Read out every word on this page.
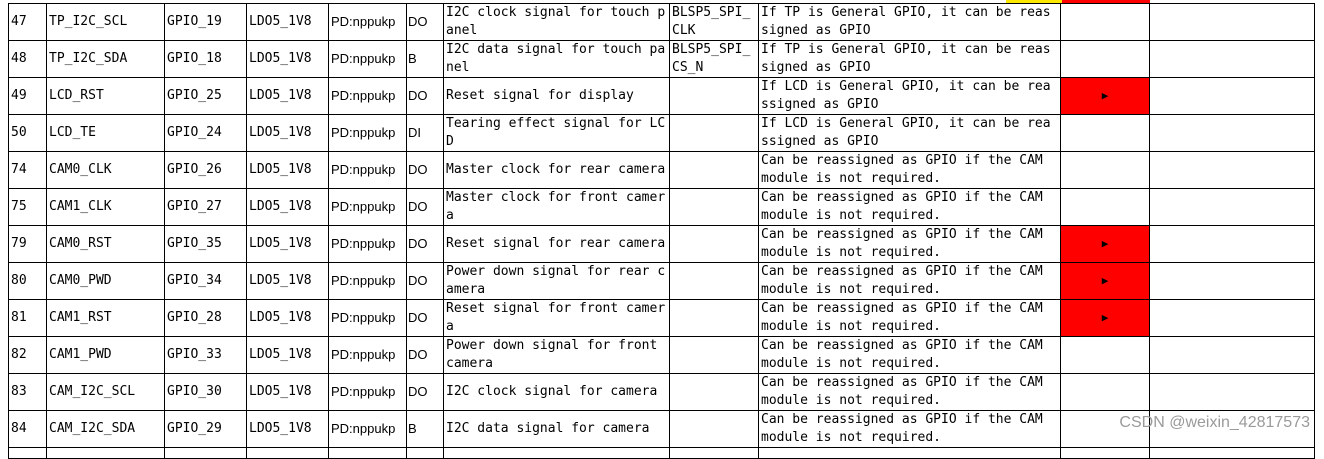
47	TP_I2C_SCL	GPIO_19	LDO5_1V8	PD:nppukp	DO	I2C clock signal for touch panel	BLSP5_SPI_CLK	If TP is General GPIO, it can be reassigned as GPIO		
48	TP_I2C_SDA	GPIO_18	LDO5_1V8	PD:nppukp	B	I2C data signal for touch panel	BLSP5_SPI_CS_N	If TP is General GPIO, it can be reassigned as GPIO		
49	LCD_RST	GPIO_25	LDO5_1V8	PD:nppukp	DO	Reset signal for display		If LCD is General GPIO, it can be reassigned as GPIO	▶	
50	LCD_TE	GPIO_24	LDO5_1V8	PD:nppukp	DI	Tearing effect signal for LCD		If LCD is General GPIO, it can be reassigned as GPIO		
74	CAM0_CLK	GPIO_26	LDO5_1V8	PD:nppukp	DO	Master clock for rear camera		Can be reassigned as GPIO if the CAM module is not required.		
75	CAM1_CLK	GPIO_27	LDO5_1V8	PD:nppukp	DO	Master clock for front camera		Can be reassigned as GPIO if the CAM module is not required.		
79	CAM0_RST	GPIO_35	LDO5_1V8	PD:nppukp	DO	Reset signal for rear camera		Can be reassigned as GPIO if the CAM module is not required.	▶	
80	CAM0_PWD	GPIO_34	LDO5_1V8	PD:nppukp	DO	Power down signal for rear camera		Can be reassigned as GPIO if the CAM module is not required.	▶	
81	CAM1_RST	GPIO_28	LDO5_1V8	PD:nppukp	DO	Reset signal for front camera		Can be reassigned as GPIO if the CAM module is not required.	▶	
82	CAM1_PWD	GPIO_33	LDO5_1V8	PD:nppukp	DO	Power down signal for front camera		Can be reassigned as GPIO if the CAM module is not required.		
83	CAM_I2C_SCL	GPIO_30	LDO5_1V8	PD:nppukp	DO	I2C clock signal for camera		Can be reassigned as GPIO if the CAM module is not required.		
84	CAM_I2C_SDA	GPIO_29	LDO5_1V8	PD:nppukp	B	I2C data signal for camera		Can be reassigned as GPIO if the CAM module is not required.		

CSDN @weixin_42817573
